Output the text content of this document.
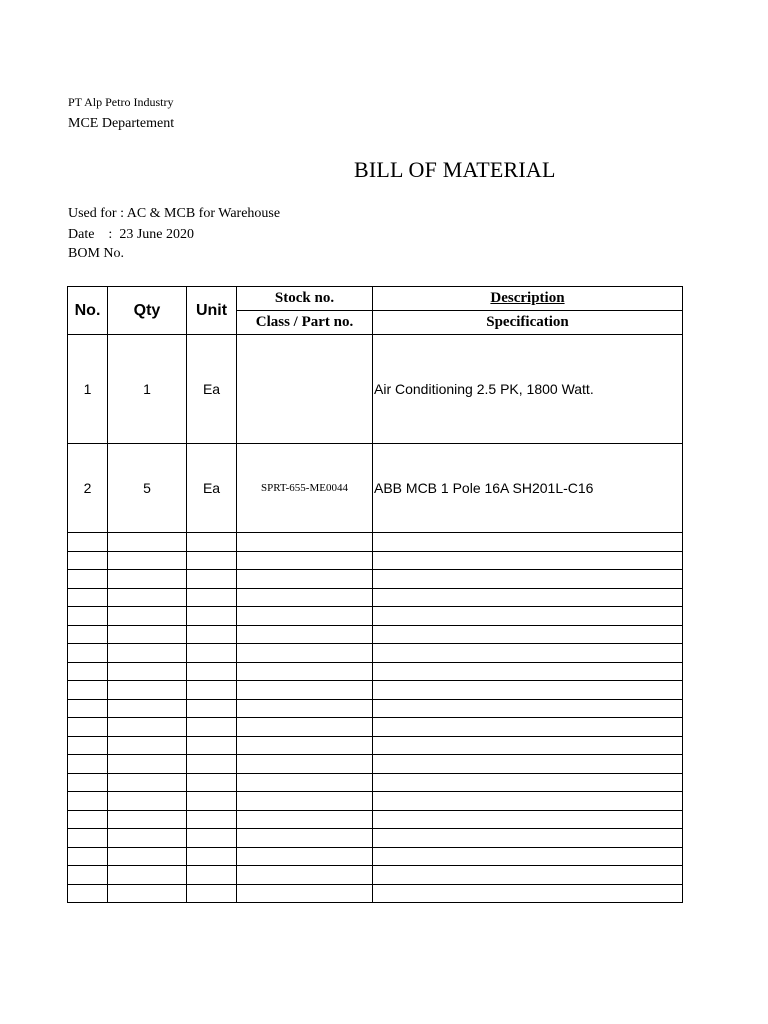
PT Alp Petro Industry
MCE Departement
BILL OF MATERIAL
Used for : AC & MCB for Warehouse
Date    :  23 June 2020
BOM No.
No.	Qty	Unit	Stock no.	Description
			Class / Part no.	Specification
1	1	Ea		Air Conditioning 2.5 PK, 1800 Watt.
2	5	Ea	SPRT-655-ME0044	ABB MCB 1 Pole 16A SH201L-C16
